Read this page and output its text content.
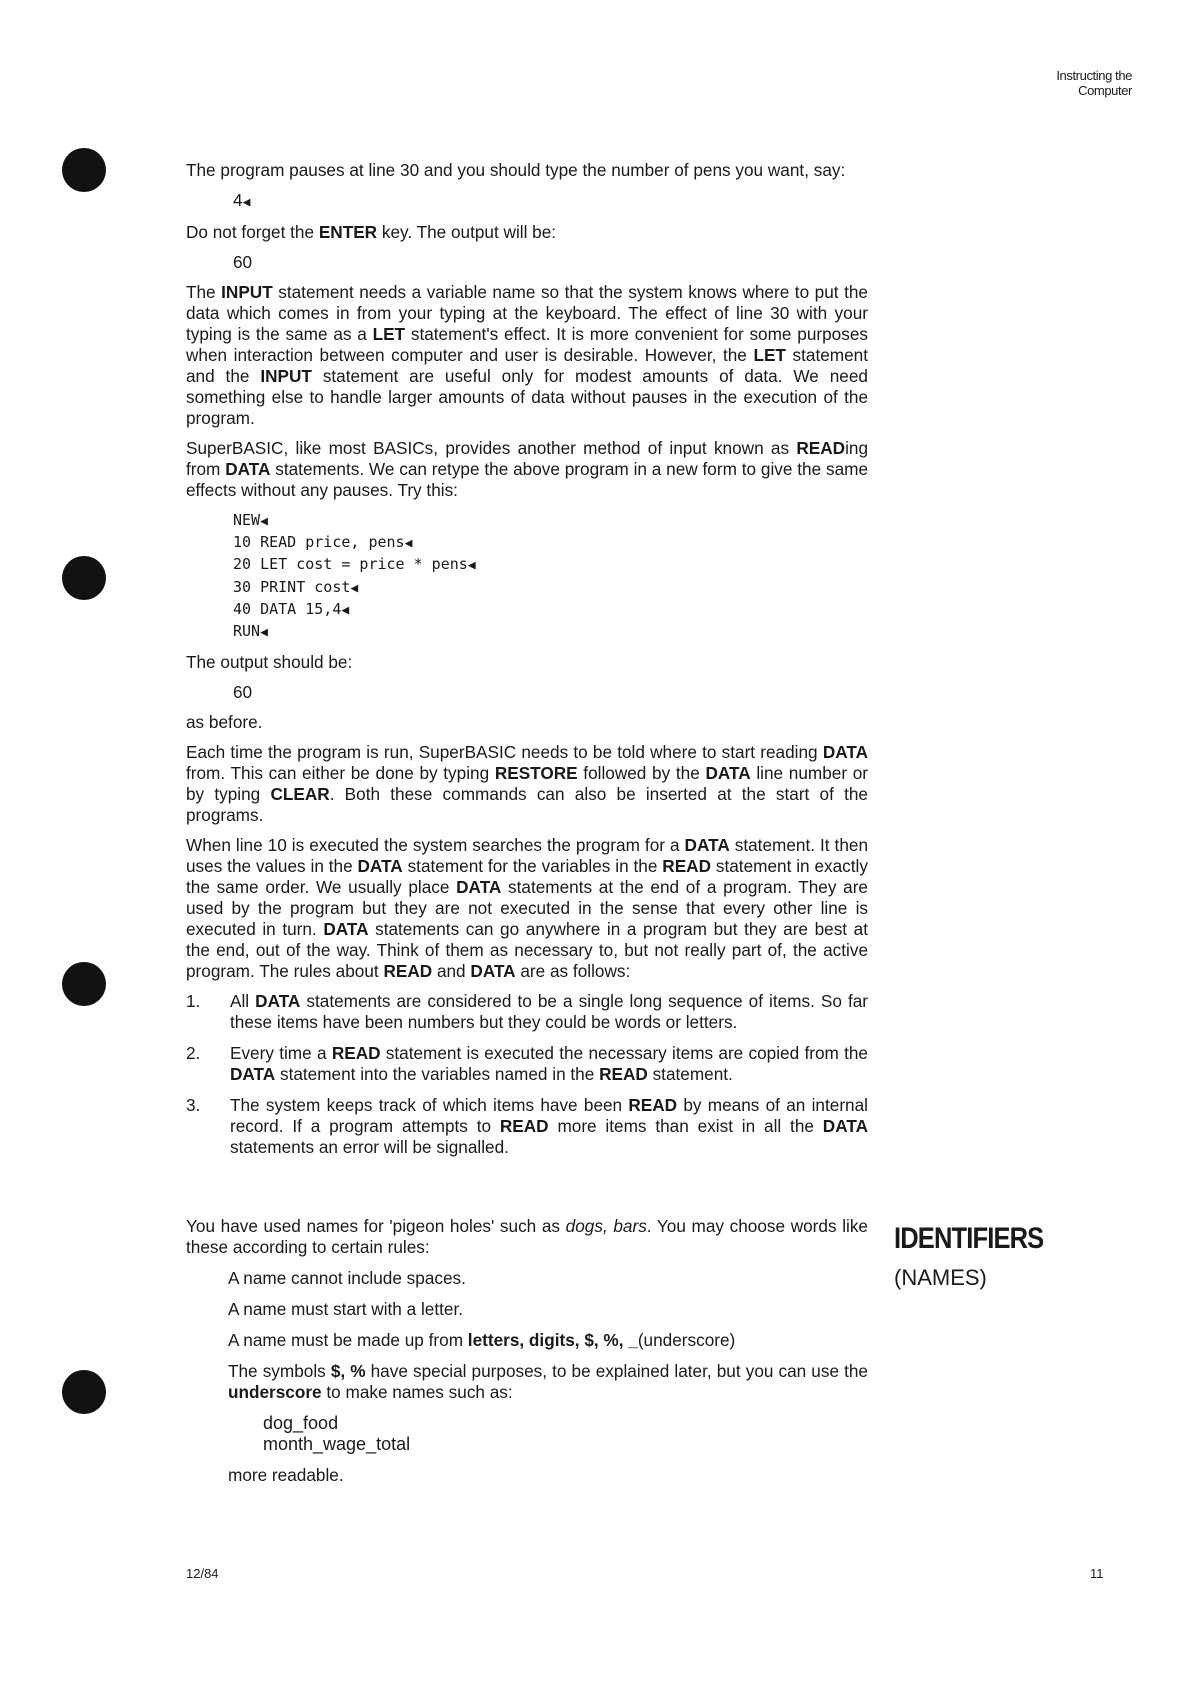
Instructing the Computer

The program pauses at line 30 and you should type the number of pens you want, say:

4◀

Do not forget the ENTER key. The output will be:

60

The INPUT statement needs a variable name so that the system knows where to put the data which comes in from your typing at the keyboard. The effect of line 30 with your typing is the same as a LET statement's effect. It is more convenient for some purposes when interaction between computer and user is desirable. However, the LET statement and the INPUT statement are useful only for modest amounts of data. We need something else to handle larger amounts of data without pauses in the execution of the program.

SuperBASIC, like most BASICs, provides another method of input known as READing from DATA statements. We can retype the above program in a new form to give the same effects without any pauses. Try this:

NEW◀
10 READ price, pens◀
20 LET cost = price * pens◀
30 PRINT cost◀
40 DATA 15,4◀
RUN◀

The output should be:

60

as before.

Each time the program is run, SuperBASIC needs to be told where to start reading DATA from. This can either be done by typing RESTORE followed by the DATA line number or by typing CLEAR. Both these commands can also be inserted at the start of the programs.

When line 10 is executed the system searches the program for a DATA statement. It then uses the values in the DATA statement for the variables in the READ statement in exactly the same order. We usually place DATA statements at the end of a program. They are used by the program but they are not executed in the sense that every other line is executed in turn. DATA statements can go anywhere in a program but they are best at the end, out of the way. Think of them as necessary to, but not really part of, the active program. The rules about READ and DATA are as follows:

1. All DATA statements are considered to be a single long sequence of items. So far these items have been numbers but they could be words or letters.
2. Every time a READ statement is executed the necessary items are copied from the DATA statement into the variables named in the READ statement.
3. The system keeps track of which items have been READ by means of an internal record. If a program attempts to READ more items than exist in all the DATA statements an error will be signalled.

You have used names for 'pigeon holes' such as dogs, bars. You may choose words like these according to certain rules:

A name cannot include spaces.

A name must start with a letter.

A name must be made up from letters, digits, $, %, _(underscore)

The symbols $, % have special purposes, to be explained later, but you can use the underscore to make names such as:

dog_food

month_wage_total

more readable.

IDENTIFIERS
(NAMES)
12/84	11
